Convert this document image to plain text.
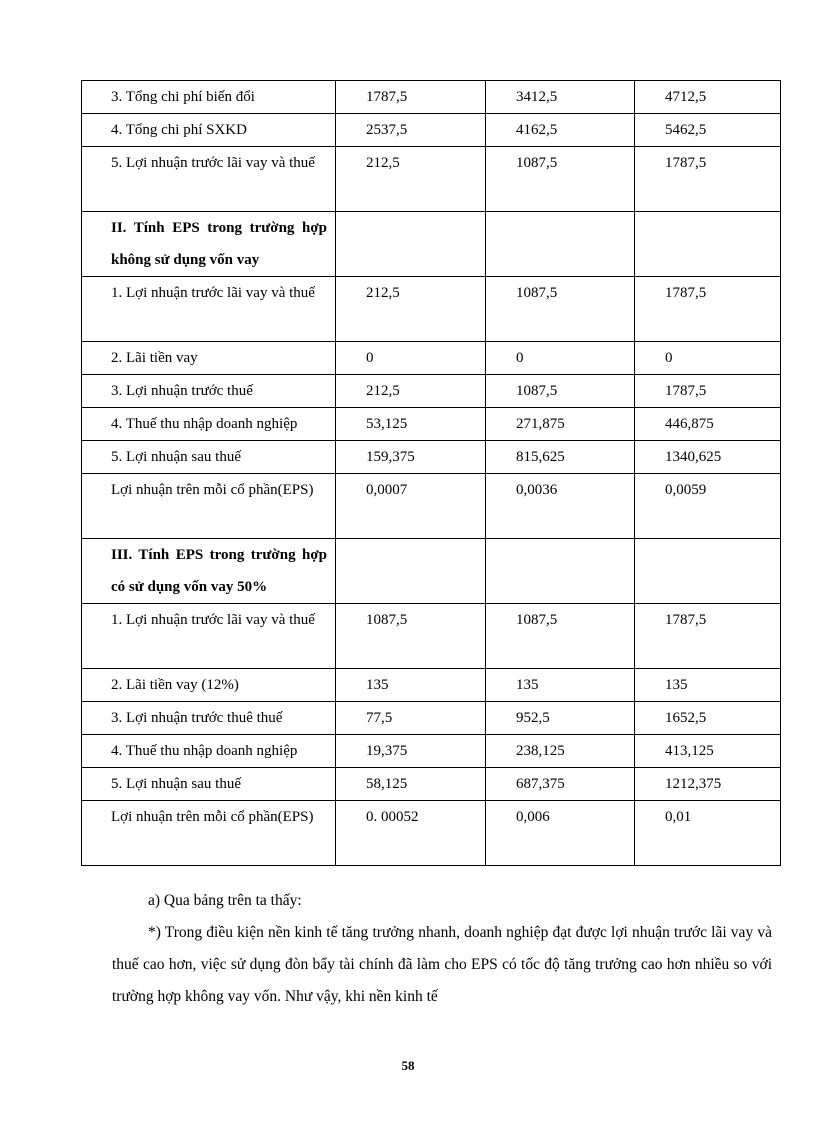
3. Tổng chi phí biến đổi	1787,5	3412,5	4712,5
4. Tổng chi phí SXKD	2537,5	4162,5	5462,5
5. Lợi nhuận trước lãi vay và thuế	212,5	1087,5	1787,5
II. Tính EPS trong trường hợp không sử dụng vốn vay			
1. Lợi nhuận trước lãi vay và thuế	212,5	1087,5	1787,5
2. Lãi tiền vay	0	0	0
3. Lợi nhuận trước thuế	212,5	1087,5	1787,5
4. Thuế thu nhập doanh nghiệp	53,125	271,875	446,875
5. Lợi nhuận sau thuế	159,375	815,625	1340,625
Lợi nhuận trên mỗi cổ phần(EPS)	0,0007	0,0036	0,0059
III. Tính EPS trong trường hợp có sử dụng vốn vay 50%			
1. Lợi nhuận trước lãi vay và thuế	1087,5	1087,5	1787,5
2. Lãi tiền vay (12%)	135	135	135
3. Lợi nhuận trước thuê thuế	77,5	952,5	1652,5
4. Thuế thu nhập doanh nghiệp	19,375	238,125	413,125
5. Lợi nhuận sau thuế	58,125	687,375	1212,375
Lợi nhuận trên mỗi cổ phần(EPS)	0. 00052	0,006	0,01

a) Qua bảng trên ta thấy:

*) Trong điều kiện nền kinh tế tăng trưởng nhanh, doanh nghiệp đạt được lợi nhuận trước lãi vay và thuế cao hơn, việc sử dụng đòn bẩy tài chính đã làm cho EPS có tốc độ tăng trưởng cao hơn nhiều so với trường hợp không vay vốn. Như vậy, khi nền kinh tế

58
